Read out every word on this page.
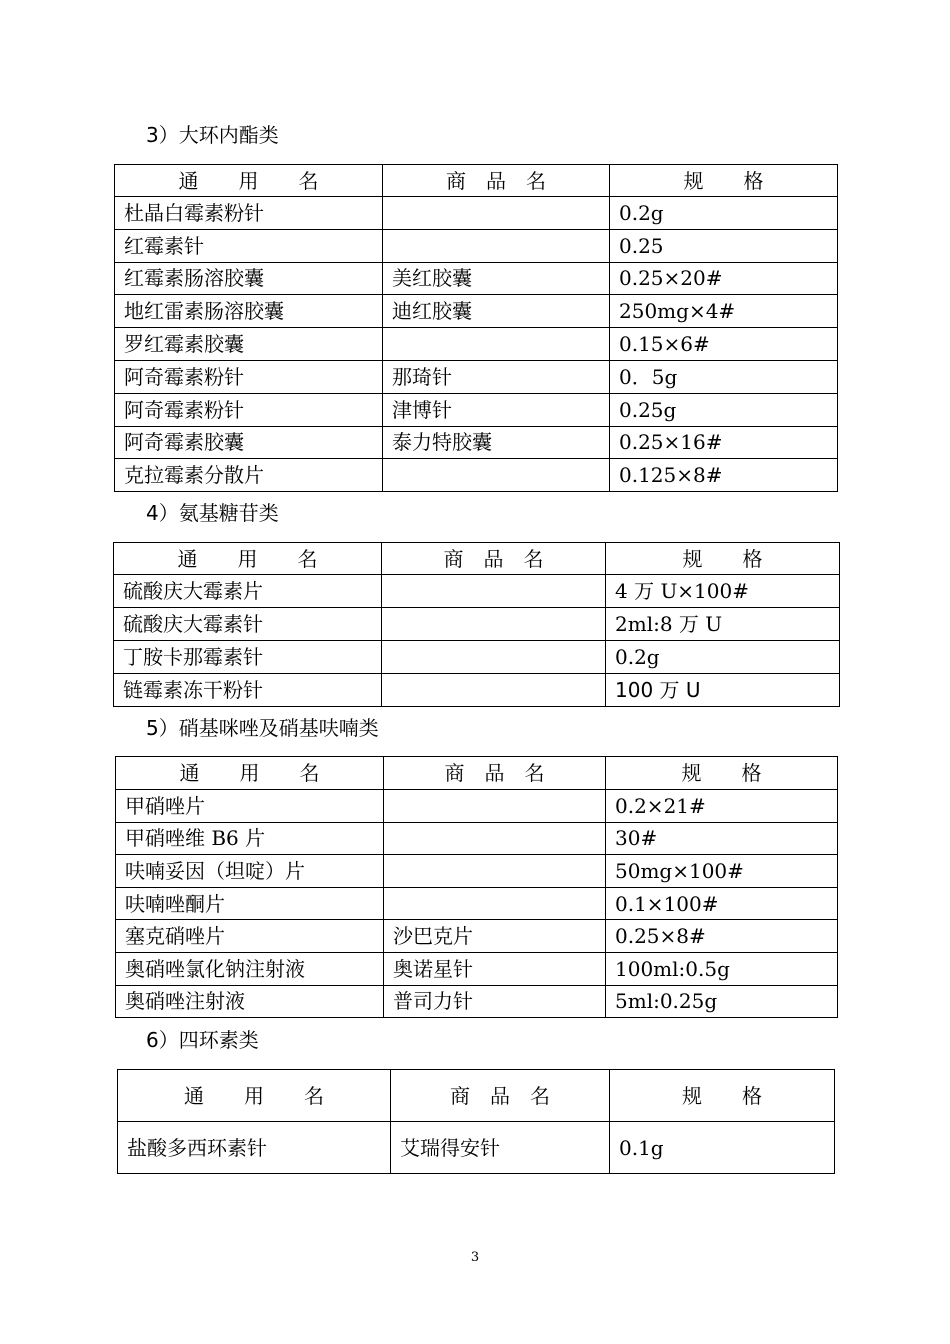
3）大环内酯类
通　　用　　名	商　品　名	规　　格
杜晶白霉素粉针		0.2g
红霉素针		0.25
红霉素肠溶胶囊	美红胶囊	0.25×20#
地红雷素肠溶胶囊	迪红胶囊	250mg×4#
罗红霉素胶囊		0.15×6#
阿奇霉素粉针	那琦针	0．5g
阿奇霉素粉针	津博针	0.25g
阿奇霉素胶囊	泰力特胶囊	0.25×16#
克拉霉素分散片		0.125×8#
4）氨基糖苷类
通　　用　　名	商　品　名	规　　格
硫酸庆大霉素片		4 万 U×100#
硫酸庆大霉素针		2ml:8 万 U
丁胺卡那霉素针		0.2g
链霉素冻干粉针		100 万 U
5）硝基咪唑及硝基呋喃类
通　　用　　名	商　品　名	规　　格
甲硝唑片		0.2×21#
甲硝唑维 B6 片		30#
呋喃妥因（坦啶）片		50mg×100#
呋喃唑酮片		0.1×100#
塞克硝唑片	沙巴克片	0.25×8#
奥硝唑氯化钠注射液	奥诺星针	100ml:0.5g
奥硝唑注射液	普司力针	5ml:0.25g
6）四环素类
通　　用　　名	商　品　名	规　　格
盐酸多西环素针	艾瑞得安针	0.1g
3
